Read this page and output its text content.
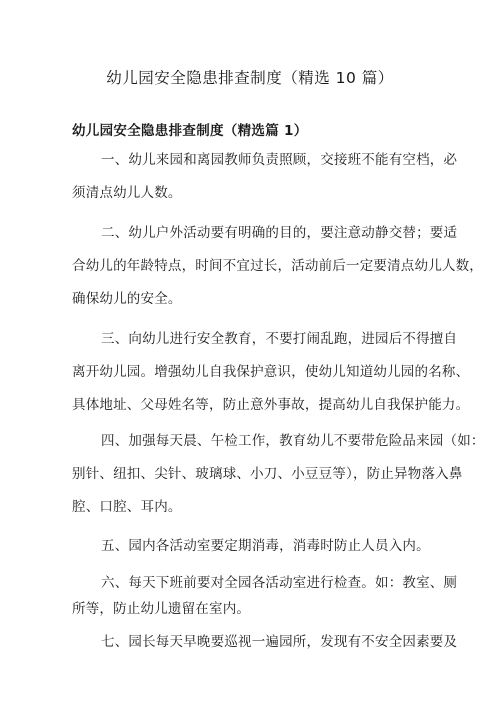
幼儿园安全隐患排查制度（精选 10 篇）
幼儿园安全隐患排查制度（精选篇 1）

一、幼儿来园和离园教师负责照顾，交接班不能有空档，必
须清点幼儿人数。

二、幼儿户外活动要有明确的目的，要注意动静交替；要适
合幼儿的年龄特点，时间不宜过长，活动前后一定要清点幼儿人数，
确保幼儿的安全。

三、向幼儿进行安全教育，不要打闹乱跑，进园后不得擅自
离开幼儿园。增强幼儿自我保护意识，使幼儿知道幼儿园的名称、
具体地址、父母姓名等，防止意外事故，提高幼儿自我保护能力。

四、加强每天晨、午检工作，教育幼儿不要带危险品来园（如：
别针、纽扣、尖针、玻璃球、小刀、小豆豆等），防止异物落入鼻
腔、口腔、耳内。

五、园内各活动室要定期消毒，消毒时防止人员入内。

六、每天下班前要对全园各活动室进行检查。如：教室、厕
所等，防止幼儿遗留在室内。

七、园长每天早晚要巡视一遍园所，发现有不安全因素要及
